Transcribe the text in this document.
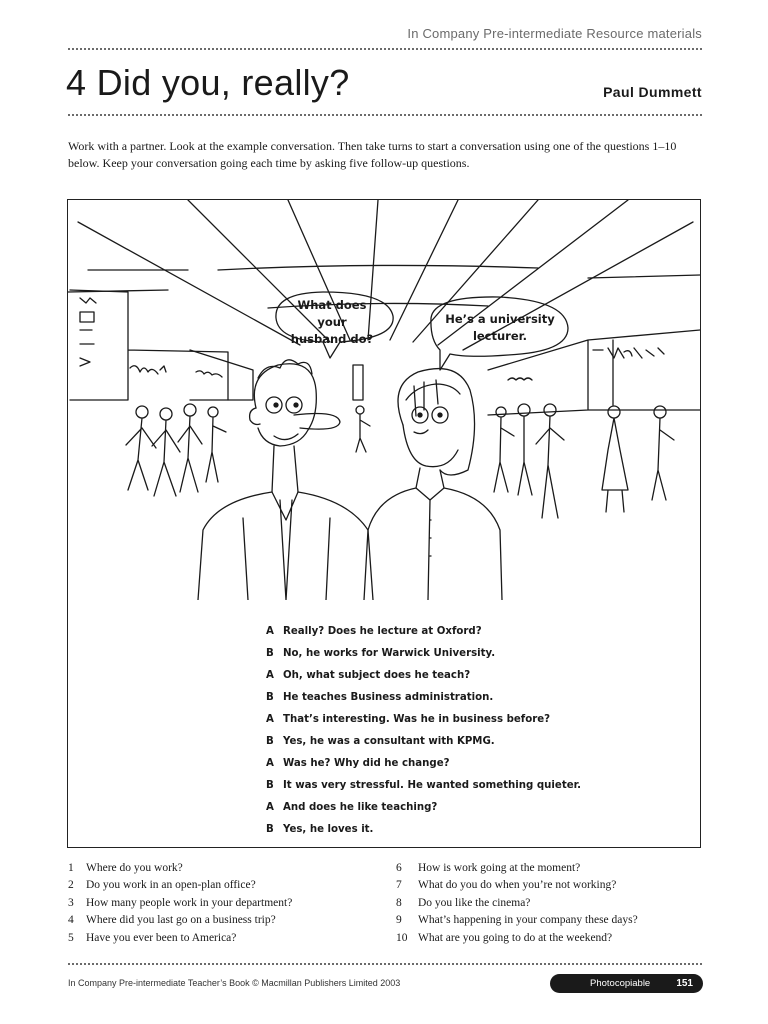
In Company Pre-intermediate Resource materials
4 Did you, really?	Paul Dummett

Work with a partner. Look at the example conversation. Then take turns to start a conversation using one of the questions 1–10 below. Keep your conversation going each time by asking five follow-up questions.

What does your
husband do?
He’s a university
lecturer.
A Really? Does he lecture at Oxford?
B No, he works for Warwick University.
A Oh, what subject does he teach?
B He teaches Business administration.
A That’s interesting. Was he in business before?
B Yes, he was a consultant with KPMG.
A Was he? Why did he change?
B It was very stressful. He wanted something quieter.
A And does he like teaching?
B Yes, he loves it.
1 Where do you work?
2 Do you work in an open-plan office?
3 How many people work in your department?
4 Where did you last go on a business trip?
5 Have you ever been to America?
6 How is work going at the moment?
7 What do you do when you’re not working?
8 Do you like the cinema?
9 What’s happening in your company these days?
10 What are you going to do at the weekend?
In Company Pre-intermediate Teacher’s Book © Macmillan Publishers Limited 2003	Photocopiable	151
